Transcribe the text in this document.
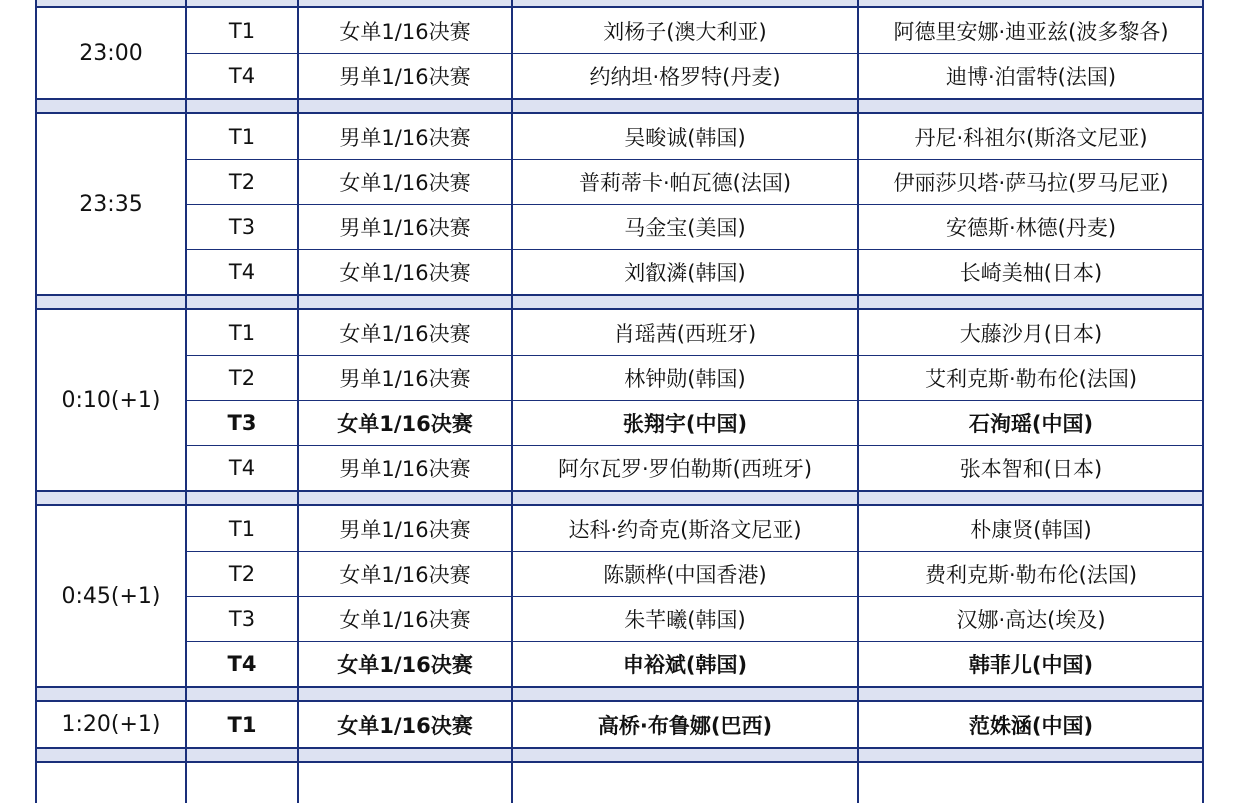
23:00
T1	女单1/16决赛	刘杨子(澳大利亚)	阿德里安娜·迪亚兹(波多黎各)
T4	男单1/16决赛	约纳坦·格罗特(丹麦)	迪博·泊雷特(法国)
23:35
T1	男单1/16决赛	吴畯诚(韩国)	丹尼·科祖尔(斯洛文尼亚)
T2	女单1/16决赛	普莉蒂卡·帕瓦德(法国)	伊丽莎贝塔·萨马拉(罗马尼亚)
T3	男单1/16决赛	马金宝(美国)	安德斯·林德(丹麦)
T4	女单1/16决赛	刘叡潾(韩国)	长崎美柚(日本)
0:10(+1)
T1	女单1/16决赛	肖瑶茜(西班牙)	大藤沙月(日本)
T2	男单1/16决赛	林钟勋(韩国)	艾利克斯·勒布伦(法国)
T3	女单1/16决赛	张翔宇(中国)	石洵瑶(中国)
T4	男单1/16决赛	阿尔瓦罗·罗伯勒斯(西班牙)	张本智和(日本)
0:45(+1)
T1	男单1/16决赛	达科·约奇克(斯洛文尼亚)	朴康贤(韩国)
T2	女单1/16决赛	陈颢桦(中国香港)	费利克斯·勒布伦(法国)
T3	女单1/16决赛	朱芊曦(韩国)	汉娜·高达(埃及)
T4	女单1/16决赛	申裕斌(韩国)	韩菲儿(中国)
1:20(+1)	T1	女单1/16决赛	高桥·布鲁娜(巴西)	范姝涵(中国)
